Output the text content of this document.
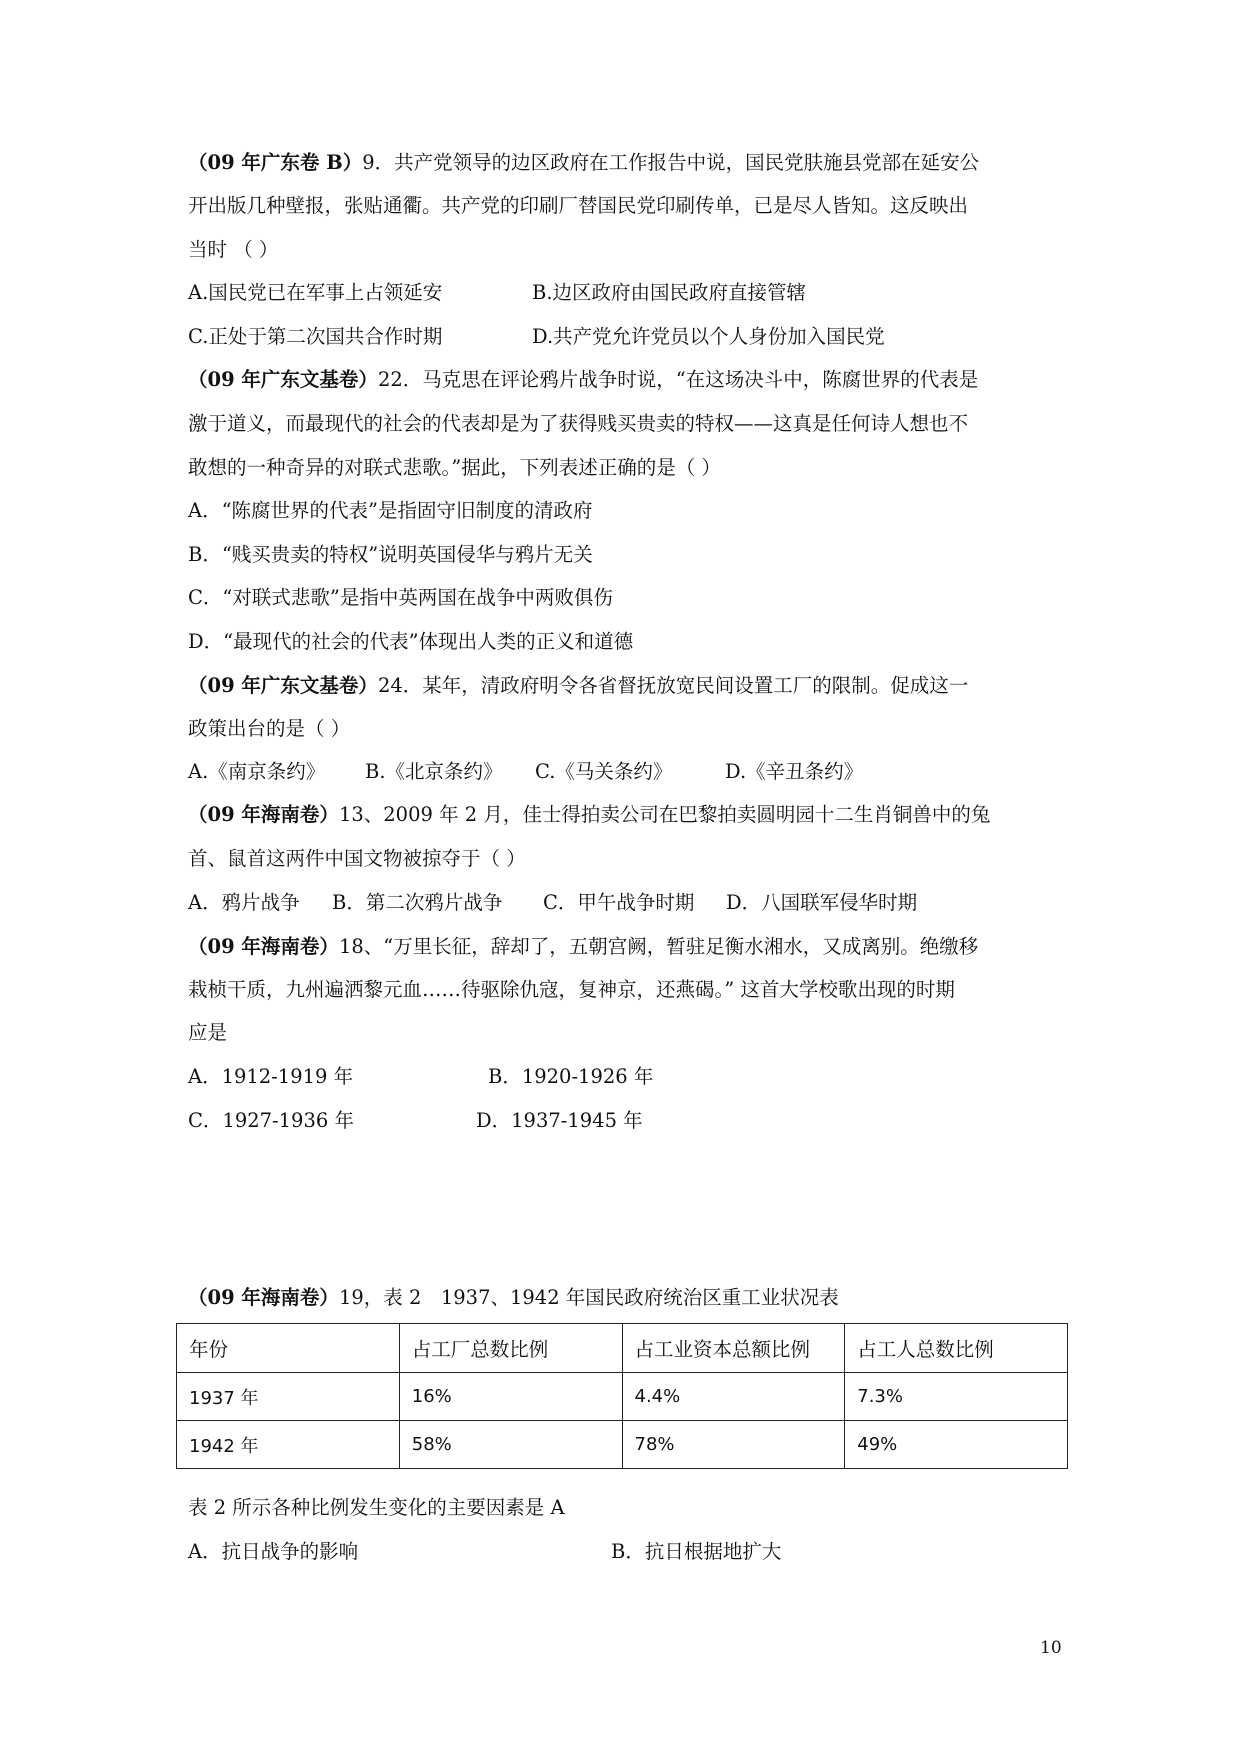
（09 年广东卷 B）9．共产党领导的边区政府在工作报告中说，国民党肤施县党部在延安公
开出版几种壁报，张贴通衢。共产党的印刷厂替国民党印刷传单，已是尽人皆知。这反映出
当时 （ ）
A.国民党已在军事上占领延安	B.边区政府由国民政府直接管辖
C.正处于第二次国共合作时期	D.共产党允许党员以个人身份加入国民党
（09 年广东文基卷）22．马克思在评论鸦片战争时说，“在这场决斗中，陈腐世界的代表是
激于道义，而最现代的社会的代表却是为了获得贱买贵卖的特权——这真是任何诗人想也不
敢想的一种奇异的对联式悲歌。”据此，下列表述正确的是（ ）
A．“陈腐世界的代表”是指固守旧制度的清政府
B．“贱买贵卖的特权”说明英国侵华与鸦片无关
C．“对联式悲歌”是指中英两国在战争中两败俱伤
D．“最现代的社会的代表”体现出人类的正义和道德
（09 年广东文基卷）24．某年，清政府明令各省督抚放宽民间设置工厂的限制。促成这一
政策出台的是（ ）
A.《南京条约》 B.《北京条约》 C.《马关条约》	D.《辛丑条约》
（09 年海南卷）13、2009 年 2 月，佳士得拍卖公司在巴黎拍卖圆明园十二生肖铜兽中的兔
首、鼠首这两件中国文物被掠夺于（ ）
A．鸦片战争 B．第二次鸦片战争 C．甲午战争时期 D．八国联军侵华时期
（09 年海南卷）18、“万里长征，辞却了，五朝宫阙，暂驻足衡水湘水，又成离别。绝缴移
栽桢干质，九州遍洒黎元血……待驱除仇寇，复神京，还燕碣。” 这首大学校歌出现的时期
应是
A．1912-1919 年	B．1920-1926 年
C．1927-1936 年	D．1937-1945 年
（09 年海南卷）19，表 2　1937、1942 年国民政府统治区重工业状况表
年份	占工厂总数比例	占工业资本总额比例	占工人总数比例
1937 年	16%	4.4%	7.3%
1942 年	58%	78%	49%
表 2 所示各种比例发生变化的主要因素是 A
A．抗日战争的影响	B．抗日根据地扩大
10
